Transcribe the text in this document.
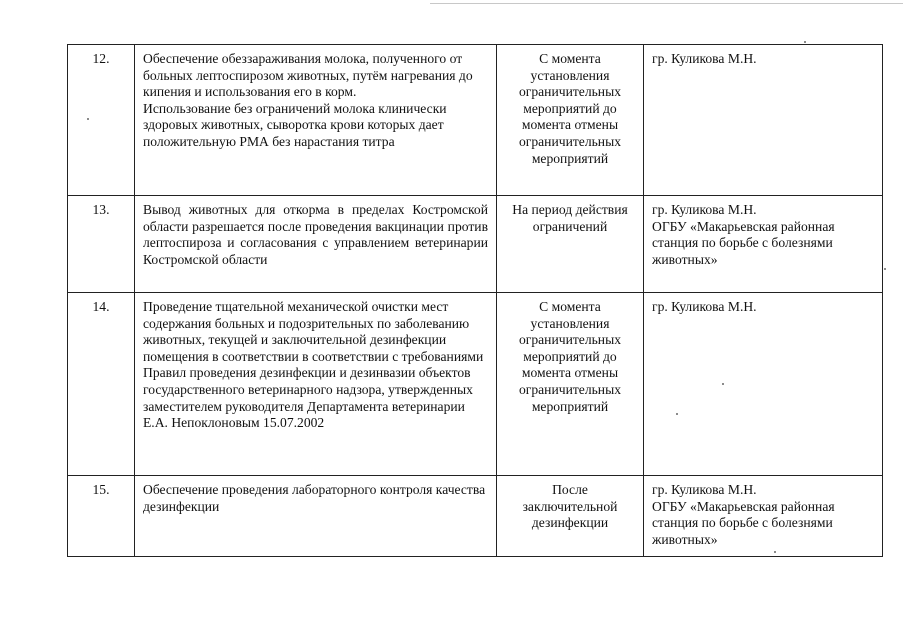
12.	Обеспечение обеззараживания молока, полученного от больных лептоспирозом животных, путём нагревания до кипения и использования его в корм.
Использование без ограничений молока клинически здоровых животных, сыворотка крови которых дает положительную РМА без нарастания титра	С момента установления ограничительных мероприятий до момента отмены ограничительных мероприятий	гр. Куликова М.Н.

13.	Вывод животных для откорма в пределах Костромской области разрешается после проведения вакцинации против лептоспироза и согласования с управлением ветеринарии Костромской области	На период действия ограничений	гр. Куликова М.Н.
ОГБУ «Макарьевская районная станция по борьбе с болезнями животных»

14.	Проведение тщательной механической очистки мест содержания больных и подозрительных по заболеванию животных, текущей и заключительной дезинфекции помещения в соответствии в соответствии с требованиями Правил проведения дезинфекции и дезинвазии объектов государственного ветеринарного надзора, утвержденных заместителем руководителя Департамента ветеринарии Е.А. Непоклоновым 15.07.2002	С момента установления ограничительных мероприятий до момента отмены ограничительных мероприятий	гр. Куликова М.Н.

15.	Обеспечение проведения лабораторного контроля качества дезинфекции	После заключительной дезинфекции	гр. Куликова М.Н.
ОГБУ «Макарьевская районная станция по борьбе с болезнями животных»
